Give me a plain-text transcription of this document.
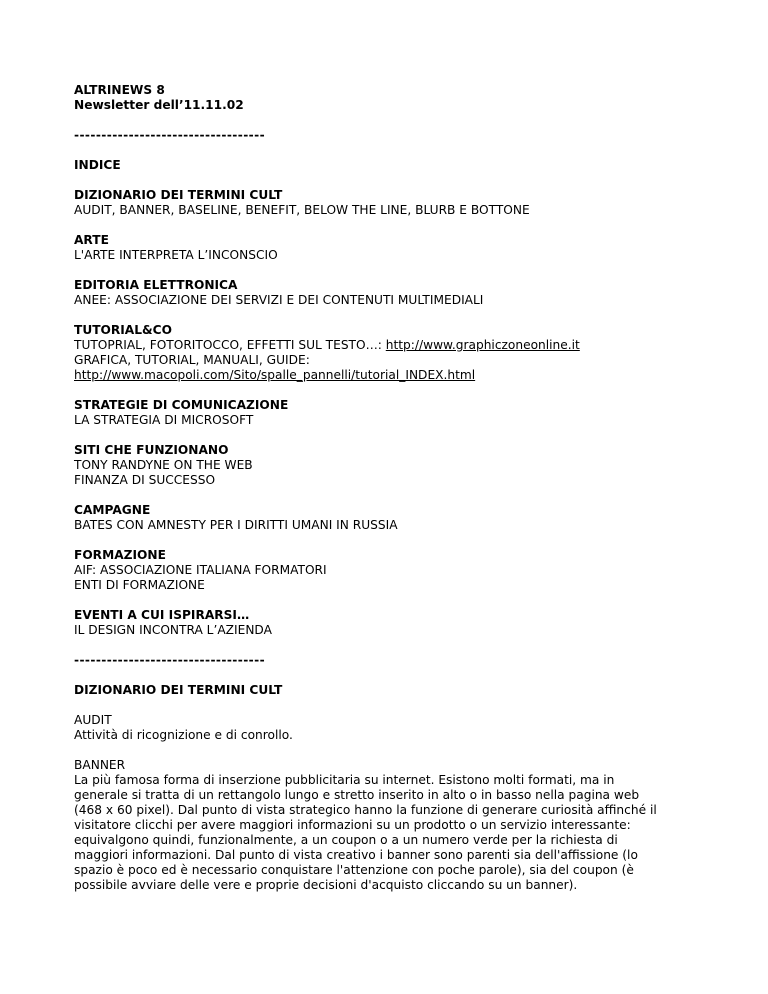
ALTRINEWS 8
Newsletter dell’11.11.02
-----------------------------------
INDICE
DIZIONARIO DEI TERMINI CULT
AUDIT, BANNER, BASELINE, BENEFIT, BELOW THE LINE, BLURB E BOTTONE
ARTE
L'ARTE INTERPRETA L’INCONSCIO
EDITORIA ELETTRONICA
ANEE: ASSOCIAZIONE DEI SERVIZI E DEI CONTENUTI MULTIMEDIALI
TUTORIAL&CO
TUTOPRIAL, FOTORITOCCO, EFFETTI SUL TESTO…: http://www.graphiczoneonline.it
GRAFICA, TUTORIAL, MANUALI, GUIDE:
http://www.macopoli.com/Sito/spalle_pannelli/tutorial_INDEX.html
STRATEGIE DI COMUNICAZIONE
LA STRATEGIA DI MICROSOFT
SITI CHE FUNZIONANO
TONY RANDYNE ON THE WEB
FINANZA DI SUCCESSO
CAMPAGNE
BATES CON AMNESTY PER I DIRITTI UMANI IN RUSSIA
FORMAZIONE
AIF: ASSOCIAZIONE ITALIANA FORMATORI
ENTI DI FORMAZIONE
EVENTI A CUI ISPIRARSI…
IL DESIGN INCONTRA L’AZIENDA
-----------------------------------
DIZIONARIO DEI TERMINI CULT
AUDIT
Attività di ricognizione e di conrollo.
BANNER
La più famosa forma di inserzione pubblicitaria su internet. Esistono molti formati, ma in
generale si tratta di un rettangolo lungo e stretto inserito in alto o in basso nella pagina web
(468 x 60 pixel). Dal punto di vista strategico hanno la funzione di generare curiosità affinché il
visitatore clicchi per avere maggiori informazioni su un prodotto o un servizio interessante:
equivalgono quindi, funzionalmente, a un coupon o a un numero verde per la richiesta di
maggiori informazioni. Dal punto di vista creativo i banner sono parenti sia dell'affissione (lo
spazio è poco ed è necessario conquistare l'attenzione con poche parole), sia del coupon (è
possibile avviare delle vere e proprie decisioni d'acquisto cliccando su un banner).
